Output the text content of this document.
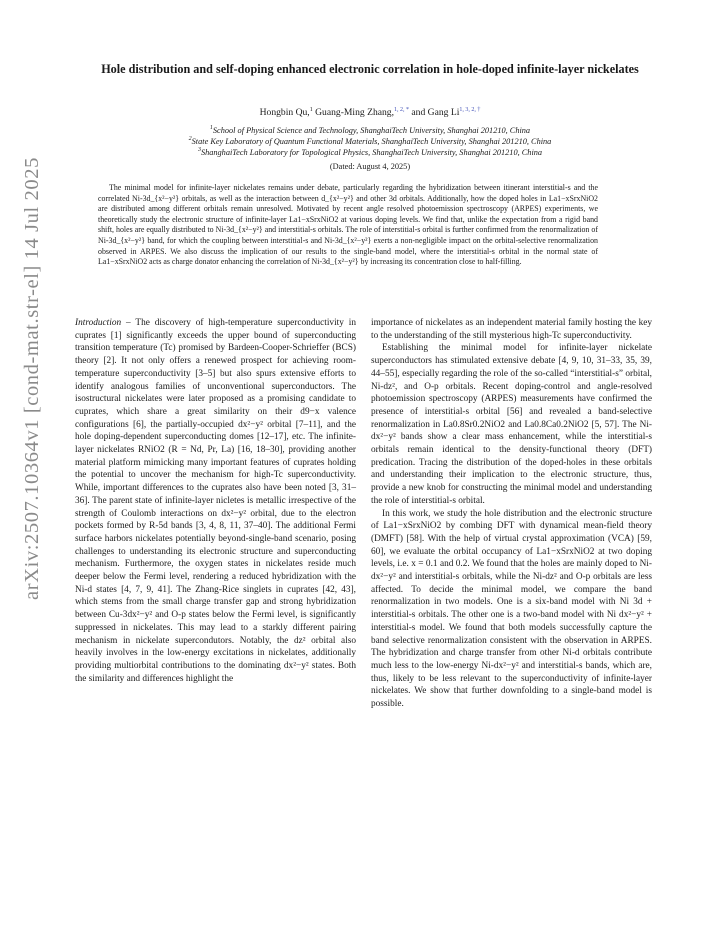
arXiv:2507.10364v1 [cond-mat.str-el] 14 Jul 2025
Hole distribution and self-doping enhanced electronic correlation in hole-doped infinite-layer nickelates
Hongbin Qu,$^1$ Guang-Ming Zhang,$^{1, 2, *}$ and Gang $Li^{1, 3, 2, \dagger}$
$^1$School of Physical Science and Technology, ShanghaiTech University, Shanghai 201210, China
$^2$State Key Laboratory of Quantum Functional Materials, ShanghaiTech University, Shanghai 201210, China
$^3$ShanghaiTech Laboratory for Topological Physics, ShanghaiTech University, Shanghai 201210, China
(Dated: August 4, 2025)
The minimal model for infinite-layer nickelates remains under debate, particularly regarding the hybridization between itinerant interstitial-s and the correlated Ni-3d_{x²−y²} orbitals, as well as the interaction between d_{x²−y²} and other 3d orbitals. Additionally, how the doped holes in La1−xSrxNiO2 are distributed among different orbitals remain unresolved. Motivated by recent angle resolved photoemission spectroscopy (ARPES) experiments, we theoretically study the electronic structure of infinite-layer La1−xSrxNiO2 at various doping levels. We find that, unlike the expectation from a rigid band shift, holes are equally distributed to Ni-3d_{x²−y²} and interstitial-s orbitals. The role of interstitial-s orbital is further confirmed from the renormalization of Ni-3d_{x²−y²} band, for which the coupling between interstitial-s and Ni-3d_{x²−y²} exerts a non-negligible impact on the orbital-selective renormalization observed in ARPES. We also discuss the implication of our results to the single-band model, where the interstitial-s orbital in the normal state of La1−xSrxNiO2 acts as charge donator enhancing the correlation of Ni-3d_{x²−y²} by increasing its concentration close to half-filling.

Introduction – The discovery of high-temperature superconductivity in cuprates [1] significantly exceeds the upper bound of superconducting transition temperature (Tc) promised by Bardeen-Cooper-Schrieffer (BCS) theory [2]. It not only offers a renewed prospect for achieving room-temperature superconductivity [3–5] but also spurs extensive efforts to identify analogous families of unconventional superconductors. The isostructural nickelates were later proposed as a promising candidate to cuprates, which share a great similarity on their d9−x valence configurations [6], the partially-occupied dx²−y² orbital [7–11], and the hole doping-dependent superconducting domes [12–17], etc. The infinite-layer nickelates RNiO2 (R = Nd, Pr, La) [16, 18–30], providing another material platform mimicking many important features of cuprates holding the potential to uncover the mechanism for high-Tc superconductivity. While, important differences to the cuprates also have been noted [3, 31–36]. The parent state of infinite-layer nicletes is metallic irrespective of the strength of Coulomb interactions on dx²−y² orbital, due to the electron pockets formed by R-5d bands [3, 4, 8, 11, 37–40]. The additional Fermi surface harbors nickelates potentially beyond-single-band scenario, posing challenges to understanding its electronic structure and superconducting mechanism. Furthermore, the oxygen states in nickelates reside much deeper below the Fermi level, rendering a reduced hybridization with the Ni-d states [4, 7, 9, 41]. The Zhang-Rice singlets in cuprates [42, 43], which stems from the small charge transfer gap and strong hybridization between Cu-3dx²−y² and O-p states below the Fermi level, is significantly suppressed in nickelates. This may lead to a starkly different pairing mechanism in nickelate supercondutors. Notably, the dz² orbital also heavily involves in the low-energy excitations in nickelates, additionally providing multiorbital contributions to the dominating dx²−y² states. Both the similarity and differences highlight the

importance of nickelates as an independent material family hosting the key to the understanding of the still mysterious high-Tc superconductivity.

Establishing the minimal model for infinite-layer nickelate superconductors has stimulated extensive debate [4, 9, 10, 31–33, 35, 39, 44–55], especially regarding the role of the so-called “interstitial-s” orbital, Ni-dz², and O-p orbitals. Recent doping-control and angle-resolved photoemission spectroscopy (ARPES) measurements have confirmed the presence of interstitial-s orbital [56] and revealed a band-selective renormalization in La0.8Sr0.2NiO2 and La0.8Ca0.2NiO2 [5, 57]. The Ni-dx²−y² bands show a clear mass enhancement, while the interstitial-s orbitals remain identical to the density-functional theory (DFT) predication. Tracing the distribution of the doped-holes in these orbitals and understanding their implication to the electronic structure, thus, provide a new knob for constructing the minimal model and understanding the role of interstitial-s orbital.

In this work, we study the hole distribution and the electronic structure of La1−xSrxNiO2 by combing DFT with dynamical mean-field theory (DMFT) [58]. With the help of virtual crystal approximation (VCA) [59, 60], we evaluate the orbital occupancy of La1−xSrxNiO2 at two doping levels, i.e. x = 0.1 and 0.2. We found that the holes are mainly doped to Ni-dx²−y² and interstitial-s orbitals, while the Ni-dz² and O-p orbitals are less affected. To decide the minimal model, we compare the band renormalization in two models. One is a six-band model with Ni 3d + interstitial-s orbitals. The other one is a two-band model with Ni dx²−y² + interstitial-s model. We found that both models successfully capture the band selective renormalization consistent with the observation in ARPES. The hybridization and charge transfer from other Ni-d orbitals contribute much less to the low-energy Ni-dx²−y² and interstitial-s bands, which are, thus, likely to be less relevant to the superconductivity of infinite-layer nickelates. We show that further downfolding to a single-band model is possible.
